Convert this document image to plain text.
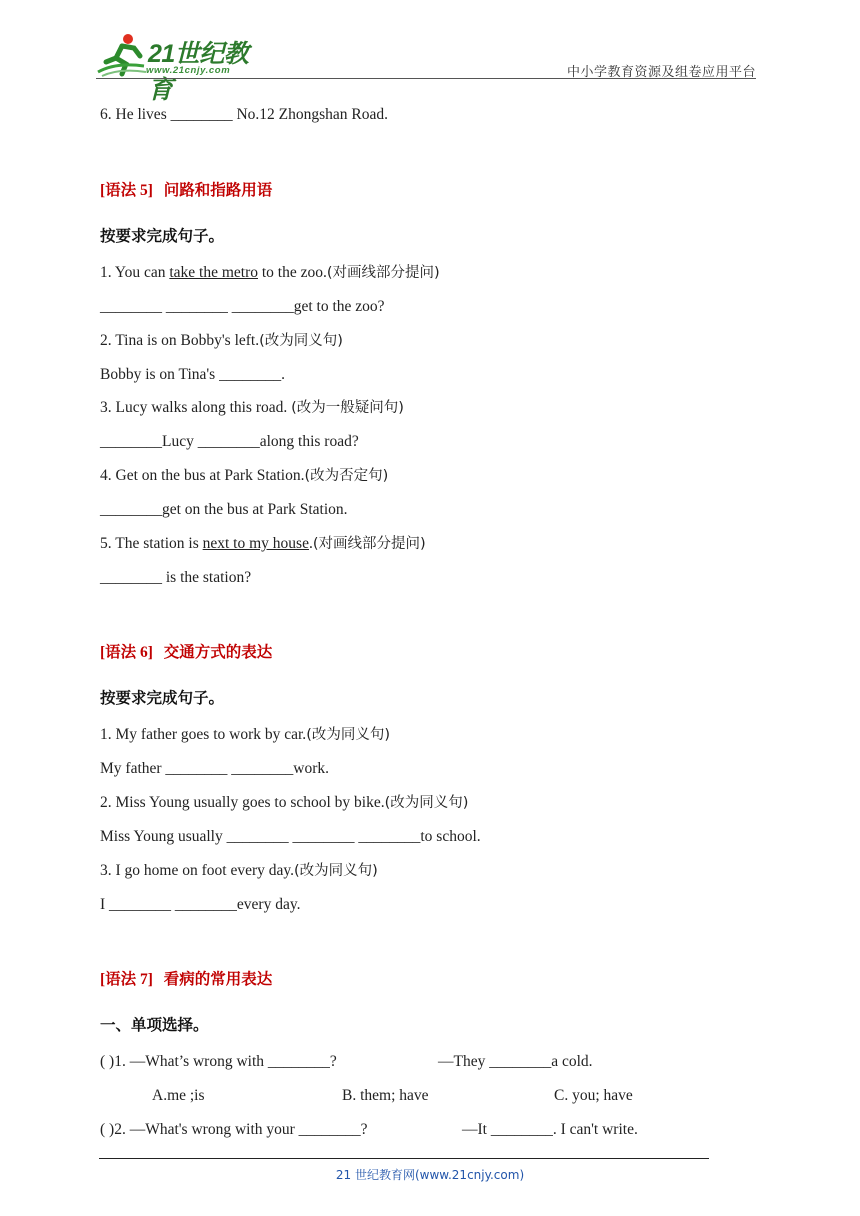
21世纪教育
www.21cnjy.com	中小学教育资源及组卷应用平台
6. He lives ________ No.12 Zhongshan Road.
[语法 5] 问路和指路用语
按要求完成句子。
1. You can take the metro to the zoo.(对画线部分提问)
________ ________ ________get to the zoo?
2. Tina is on Bobby's left.(改为同义句)
Bobby is on Tina's ________.
3. Lucy walks along this road. (改为一般疑问句)
________Lucy ________along this road?
4. Get on the bus at Park Station.(改为否定句)
________get on the bus at Park Station.
5. The station is next to my house.(对画线部分提问)
________ is the station?
[语法 6] 交通方式的表达
按要求完成句子。
1. My father goes to work by car.(改为同义句)
My father ________ ________work.
2. Miss Young usually goes to school by bike.(改为同义句)
Miss Young usually ________ ________ ________to school.
3. I go home on foot every day.(改为同义句)
I ________ ________every day.
[语法 7] 看病的常用表达
一、单项选择。
( )1. —What’s wrong with ________?	—They ________a cold.
A.me ;is	B. them; have	C. you; have
( )2. —What's wrong with your ________?	—It ________. I can't write.
21 世纪教育网(www.21cnjy.com)
